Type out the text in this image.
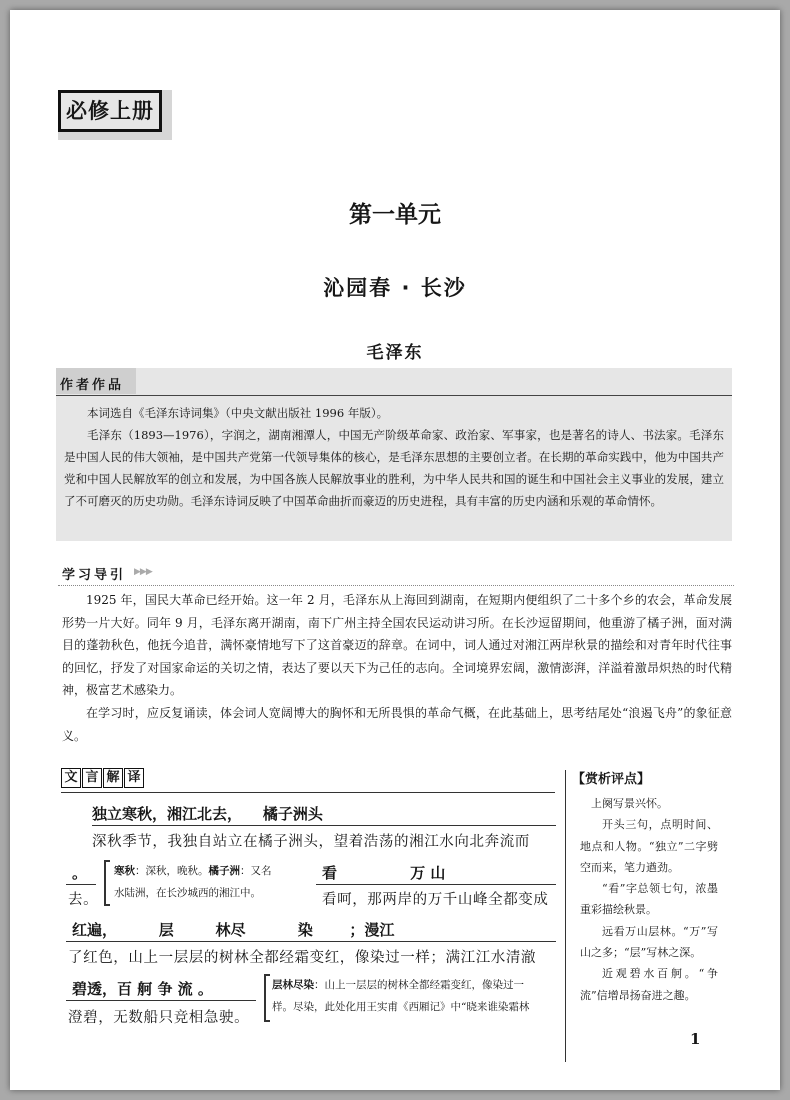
必修上册
第一单元
沁园春 · 长沙
毛泽东
作者作品

本词选自《毛泽东诗词集》（中央文献出版社 1996 年版）。

毛泽东（1893—1976），字润之，湖南湘潭人，中国无产阶级革命家、政治家、军事家，也是著名的诗人、书法家。毛泽东是中国人民的伟大领袖，是中国共产党第一代领导集体的核心，是毛泽东思想的主要创立者。在长期的革命实践中，他为中国共产党和中国人民解放军的创立和发展，为中国各族人民解放事业的胜利，为中华人民共和国的诞生和中国社会主义事业的发展，建立了不可磨灭的历史功勋。毛泽东诗词反映了中国革命曲折而豪迈的历史进程，具有丰富的历史内涵和乐观的革命情怀。

学习导引 ▶▶▶

1925 年，国民大革命已经开始。这一年 2 月，毛泽东从上海回到湖南，在短期内便组织了二十多个乡的农会，革命发展形势一片大好。同年 9 月，毛泽东离开湖南，南下广州主持全国农民运动讲习所。在长沙逗留期间，他重游了橘子洲，面对满目的蓬勃秋色，他抚今追昔，满怀豪情地写下了这首豪迈的辞章。在词中，词人通过对湘江两岸秋景的描绘和对青年时代往事的回忆，抒发了对国家命运的关切之情，表达了要以天下为己任的志向。全词境界宏阔，激情澎湃，洋溢着激昂炽热的时代精神，极富艺术感染力。

在学习时，应反复诵读，体会词人宽阔博大的胸怀和无所畏惧的革命气概，在此基础上，思考结尾处“浪遏飞舟”的象征意义。

文 言 解 译
独立寒秋，湘江北去，    橘子洲头
深秋季节，我独自站立在橘子洲头，望着浩荡的湘江水向北奔流而
。
去。
寒秋：深秋，晚秋。橘子洲：又名
水陆洲，在长沙城西的湘江中。
看              万 山
看呵，那两岸的万千山峰全都变成
红遍，        层        林尽          染       ；漫江
了红色，山上一层层的树林全都经霜变红，像染过一样；满江江水清澈
碧透，百 舸 争 流 。
澄碧，无数船只竞相急驶。
层林尽染：山上一层层的树林全都经霜变红，像染过一
样。尽染，此处化用王实甫《西厢记》中“晓来谁染霜林
【赏析评点】

上阕写景兴怀。

开头三句，点明时间、地点和人物。“独立”二字劈空而来，笔力遒劲。

“看”字总领七句，浓墨重彩描绘秋景。

远看万山层林。“万”写山之多；“层”写林之深。

近观碧水百舸。“争流”信增昂扬奋进之趣。

1
